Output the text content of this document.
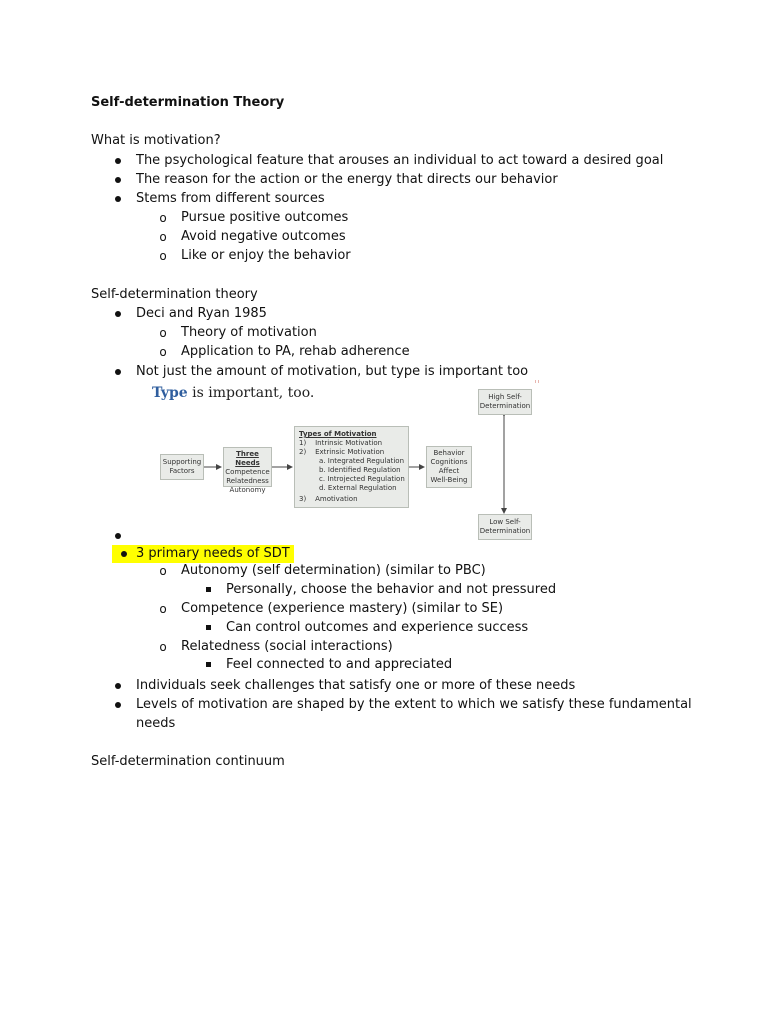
Self-determination Theory
What is motivation?
The psychological feature that arouses an individual to act toward a desired goal
The reason for the action or the energy that directs our behavior
Stems from different sources
o Pursue positive outcomes
o Avoid negative outcomes
o Like or enjoy the behavior
Self-determination theory
Deci and Ryan 1985
o Theory of motivation
o Application to PA, rehab adherence
Not just the amount of motivation, but type is important too
Type is important, too.
Supporting
Factors
Three Needs
Competence
Relatedness
Autonomy
Types of Motivation
1)    Intrinsic Motivation
2)    Extrinsic Motivation
a. Integrated Regulation
b. Identified Regulation
c. Introjected Regulation
d. External Regulation
3)    Amotivation
Behavior
Cognitions
Affect
Well-Being
High Self-
Determination
Low Self-
Determination
3 primary needs of SDT
o Autonomy (self determination) (similar to PBC)
Personally, choose the behavior and not pressured
o Competence (experience mastery) (similar to SE)
Can control outcomes and experience success
o Relatedness (social interactions)
Feel connected to and appreciated
Individuals seek challenges that satisfy one or more of these needs
Levels of motivation are shaped by the extent to which we satisfy these fundamental
needs
Self-determination continuum
